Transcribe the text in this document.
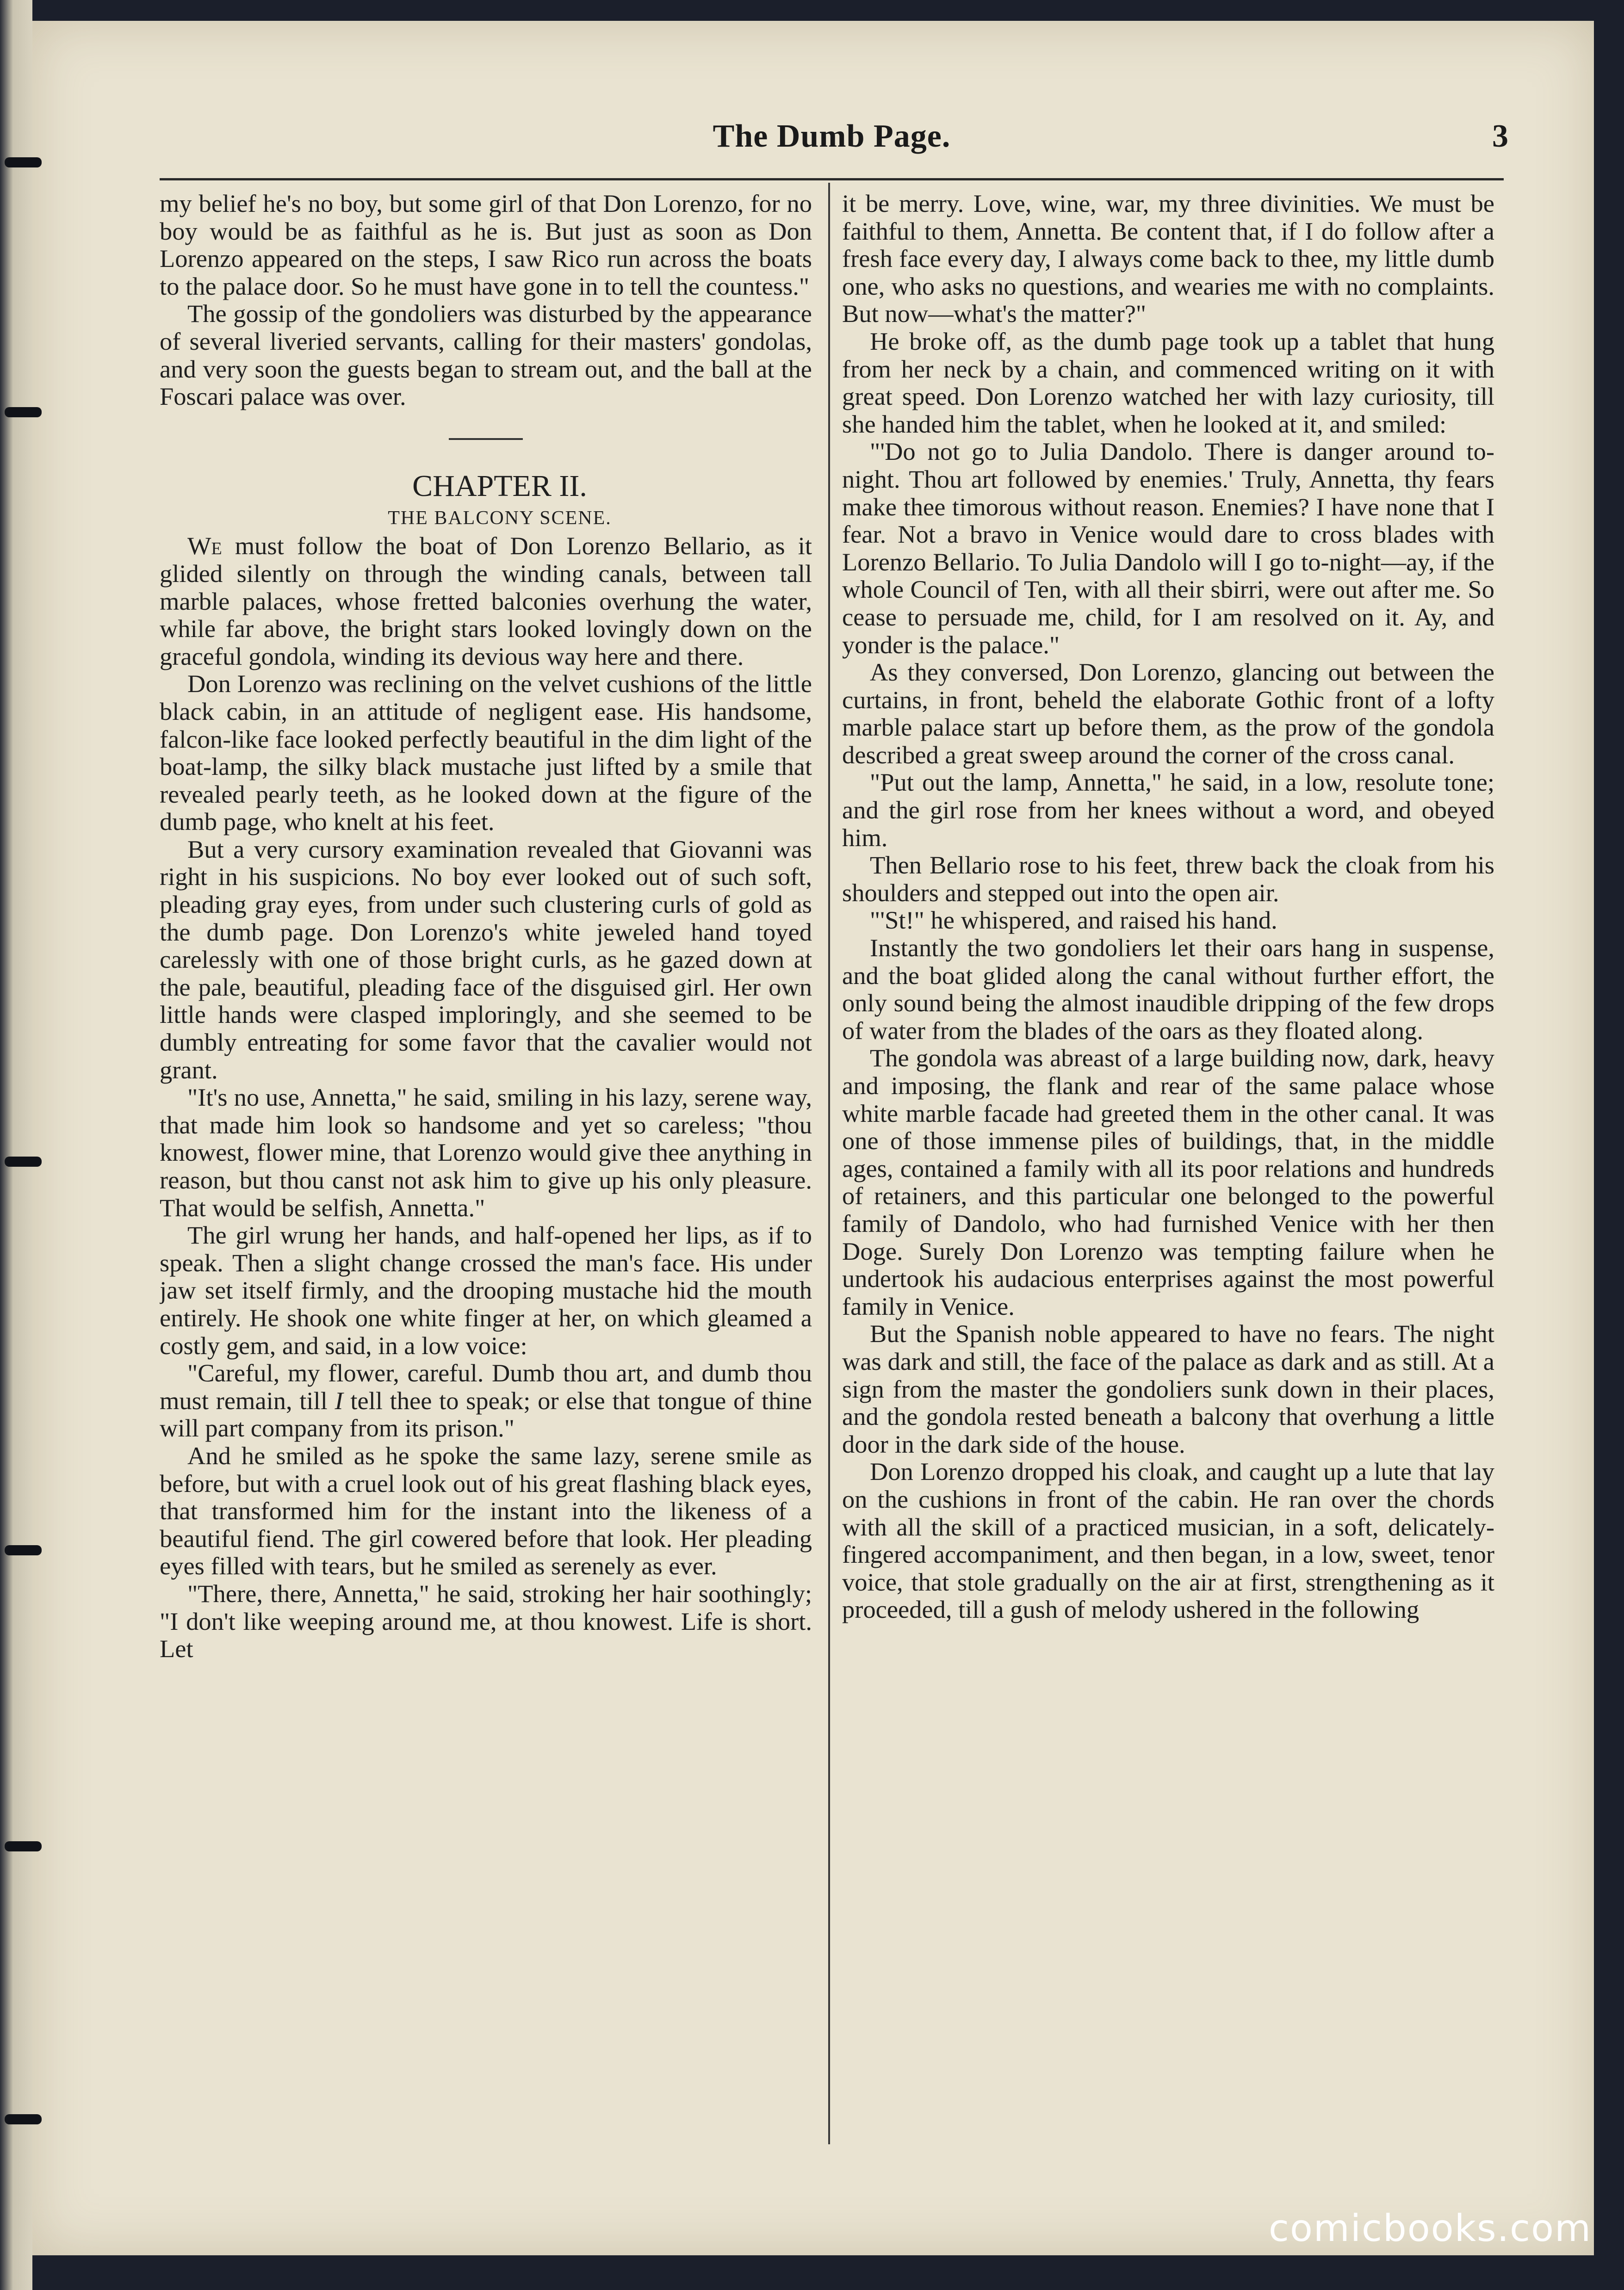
The Dumb Page.	3

my belief he's no boy, but some girl of that Don Lorenzo, for no boy would be as faithful as he is. But just as soon as Don Lorenzo appeared on the steps, I saw Rico run across the boats to the palace door. So he must have gone in to tell the countess."

The gossip of the gondoliers was disturbed by the appearance of several liveried servants, calling for their masters' gondolas, and very soon the guests began to stream out, and the ball at the Foscari palace was over.

CHAPTER II.

THE BALCONY SCENE.

We must follow the boat of Don Lorenzo Bellario, as it glided silently on through the winding canals, between tall marble palaces, whose fretted balconies overhung the water, while far above, the bright stars looked lovingly down on the graceful gondola, winding its devious way here and there.

Don Lorenzo was reclining on the velvet cushions of the little black cabin, in an attitude of negligent ease. His handsome, falcon-like face looked perfectly beautiful in the dim light of the boat-lamp, the silky black mustache just lifted by a smile that revealed pearly teeth, as he looked down at the figure of the dumb page, who knelt at his feet.

But a very cursory examination revealed that Giovanni was right in his suspicions. No boy ever looked out of such soft, pleading gray eyes, from under such clustering curls of gold as the dumb page. Don Lorenzo's white jeweled hand toyed carelessly with one of those bright curls, as he gazed down at the pale, beautiful, pleading face of the disguised girl. Her own little hands were clasped imploringly, and she seemed to be dumbly entreating for some favor that the cavalier would not grant.

"It's no use, Annetta," he said, smiling in his lazy, serene way, that made him look so handsome and yet so careless; "thou knowest, flower mine, that Lorenzo would give thee anything in reason, but thou canst not ask him to give up his only pleasure. That would be selfish, Annetta."

The girl wrung her hands, and half-opened her lips, as if to speak. Then a slight change crossed the man's face. His under jaw set itself firmly, and the drooping mustache hid the mouth entirely. He shook one white finger at her, on which gleamed a costly gem, and said, in a low voice:

"Careful, my flower, careful. Dumb thou art, and dumb thou must remain, till I tell thee to speak; or else that tongue of thine will part company from its prison."

And he smiled as he spoke the same lazy, serene smile as before, but with a cruel look out of his great flashing black eyes, that transformed him for the instant into the likeness of a beautiful fiend. The girl cowered before that look. Her pleading eyes filled with tears, but he smiled as serenely as ever.

"There, there, Annetta," he said, stroking her hair soothingly; "I don't like weeping around me, at thou knowest. Life is short. Let

it be merry. Love, wine, war, my three divinities. We must be faithful to them, Annetta. Be content that, if I do follow after a fresh face every day, I always come back to thee, my little dumb one, who asks no questions, and wearies me with no complaints. But now—what's the matter?"

He broke off, as the dumb page took up a tablet that hung from her neck by a chain, and commenced writing on it with great speed. Don Lorenzo watched her with lazy curiosity, till she handed him the tablet, when he looked at it, and smiled:

"'Do not go to Julia Dandolo. There is danger around to-night. Thou art followed by enemies.' Truly, Annetta, thy fears make thee timorous without reason. Enemies? I have none that I fear. Not a bravo in Venice would dare to cross blades with Lorenzo Bellario. To Julia Dandolo will I go to-night—ay, if the whole Council of Ten, with all their sbirri, were out after me. So cease to persuade me, child, for I am resolved on it. Ay, and yonder is the palace."

As they conversed, Don Lorenzo, glancing out between the curtains, in front, beheld the elaborate Gothic front of a lofty marble palace start up before them, as the prow of the gondola described a great sweep around the corner of the cross canal.

"Put out the lamp, Annetta," he said, in a low, resolute tone; and the girl rose from her knees without a word, and obeyed him.

Then Bellario rose to his feet, threw back the cloak from his shoulders and stepped out into the open air.

"'St!" he whispered, and raised his hand.

Instantly the two gondoliers let their oars hang in suspense, and the boat glided along the canal without further effort, the only sound being the almost inaudible dripping of the few drops of water from the blades of the oars as they floated along.

The gondola was abreast of a large building now, dark, heavy and imposing, the flank and rear of the same palace whose white marble facade had greeted them in the other canal. It was one of those immense piles of buildings, that, in the middle ages, contained a family with all its poor relations and hundreds of retainers, and this particular one belonged to the powerful family of Dandolo, who had furnished Venice with her then Doge. Surely Don Lorenzo was tempting failure when he undertook his audacious enterprises against the most powerful family in Venice.

But the Spanish noble appeared to have no fears. The night was dark and still, the face of the palace as dark and as still. At a sign from the master the gondoliers sunk down in their places, and the gondola rested beneath a balcony that overhung a little door in the dark side of the house.

Don Lorenzo dropped his cloak, and caught up a lute that lay on the cushions in front of the cabin. He ran over the chords with all the skill of a practiced musician, in a soft, delicately-fingered accompaniment, and then began, in a low, sweet, tenor voice, that stole gradually on the air at first, strengthening as it proceeded, till a gush of melody ushered in the following

comicbooks.com
